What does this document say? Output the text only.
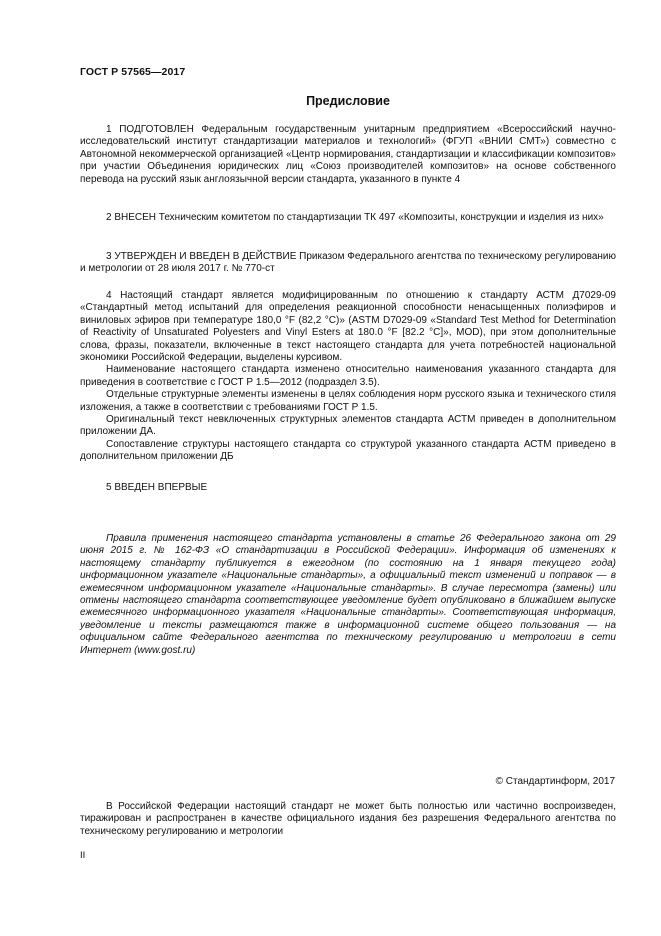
ГОСТ Р 57565—2017
Предисловие

1 ПОДГОТОВЛЕН Федеральным государственным унитарным предприятием «Всероссийский научно-исследовательский институт стандартизации материалов и технологий» (ФГУП «ВНИИ СМТ») совместно с Автономной некоммерческой организацией «Центр нормирования, стандартизации и классификации композитов» при участии Объединения юридических лиц «Союз производителей композитов» на основе собственного перевода на русский язык англоязычной версии стандарта, указанного в пункте 4

2 ВНЕСЕН Техническим комитетом по стандартизации ТК 497 «Композиты, конструкции и изделия из них»

3 УТВЕРЖДЕН И ВВЕДЕН В ДЕЙСТВИЕ Приказом Федерального агентства по техническому регулированию и метрологии от 28 июля 2017 г. № 770-ст

4 Настоящий стандарт является модифицированным по отношению к стандарту АСТМ Д7029-09 «Стандартный метод испытаний для определения реакционной способности ненасыщенных полиэфиров и виниловых эфиров при температуре 180,0 °F (82,2 °C)» (ASTM D7029-09 «Standard Test Method for Determination of Reactivity of Unsaturated Polyesters and Vinyl Esters at 180.0 °F [82.2 °C]», MOD), при этом дополнительные слова, фразы, показатели, включенные в текст настоящего стандарта для учета потребностей национальной экономики Российской Федерации, выделены курсивом.

Наименование настоящего стандарта изменено относительно наименования указанного стандарта для приведения в соответствие с ГОСТ Р 1.5—2012 (подраздел 3.5).

Отдельные структурные элементы изменены в целях соблюдения норм русского языка и технического стиля изложения, а также в соответствии с требованиями ГОСТ Р 1.5.

Оригинальный текст невключенных структурных элементов стандарта АСТМ приведен в дополнительном приложении ДА.

Сопоставление структуры настоящего стандарта со структурой указанного стандарта АСТМ приведено в дополнительном приложении ДБ

5 ВВЕДЕН ВПЕРВЫЕ

Правила применения настоящего стандарта установлены в статье 26 Федерального закона от 29 июня 2015 г. № 162-ФЗ «О стандартизации в Российской Федерации». Информация об изменениях к настоящему стандарту публикуется в ежегодном (по состоянию на 1 января текущего года) информационном указателе «Национальные стандарты», а официальный текст изменений и поправок — в ежемесячном информационном указателе «Национальные стандарты». В случае пересмотра (замены) или отмены настоящего стандарта соответствующее уведомление будет опубликовано в ближайшем выпуске ежемесячного информационного указателя «Национальные стандарты». Соответствующая информация, уведомление и тексты размещаются также в информационной системе общего пользования — на официальном сайте Федерального агентства по техническому регулированию и метрологии в сети Интернет (www.gost.ru)

© Стандартинформ, 2017

В Российской Федерации настоящий стандарт не может быть полностью или частично воспроизведен, тиражирован и распространен в качестве официального издания без разрешения Федерального агентства по техническому регулированию и метрологии

II
